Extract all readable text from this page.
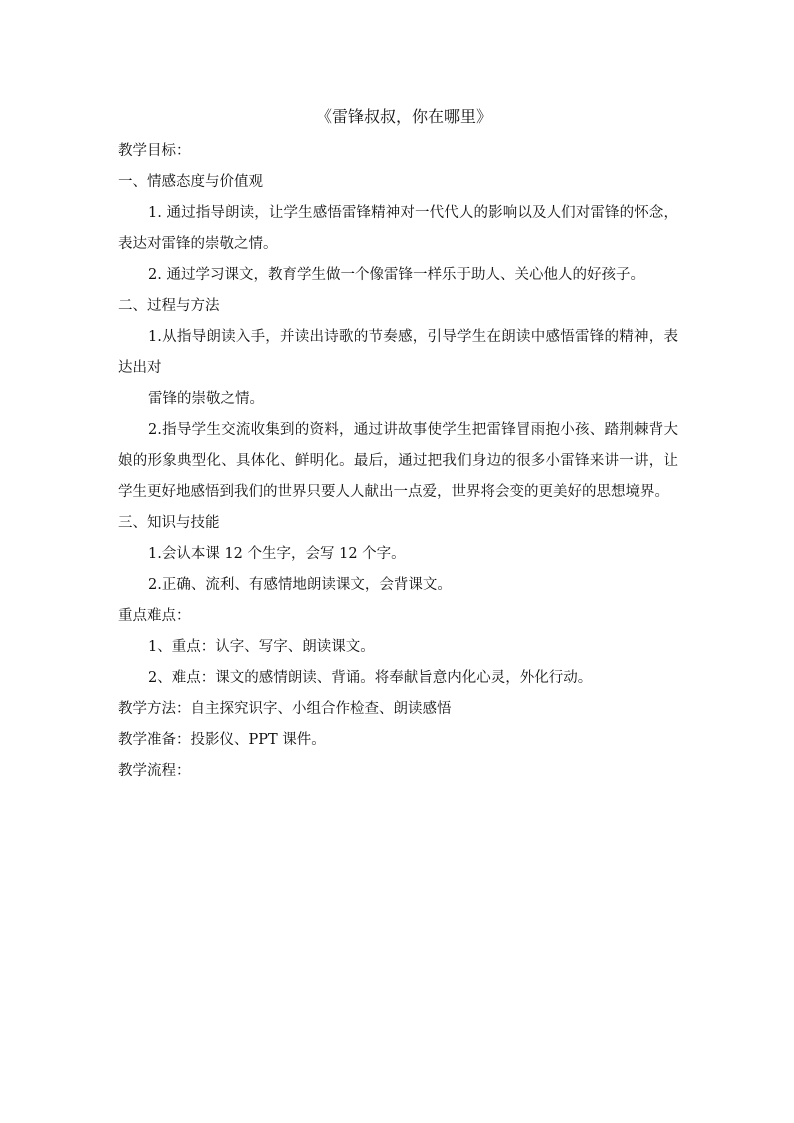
《雷锋叔叔，你在哪里》

教学目标：

一、情感态度与价值观

1. 通过指导朗读，让学生感悟雷锋精神对一代代人的影响以及人们对雷锋的怀念，表达对雷锋的崇敬之情。

2. 通过学习课文，教育学生做一个像雷锋一样乐于助人、关心他人的好孩子。

二、过程与方法

1.从指导朗读入手，并读出诗歌的节奏感，引导学生在朗读中感悟雷锋的精神，表达出对

雷锋的崇敬之情。

2.指导学生交流收集到的资料，通过讲故事使学生把雷锋冒雨抱小孩、踏荆棘背大娘的形象典型化、具体化、鲜明化。最后，通过把我们身边的很多小雷锋来讲一讲，让学生更好地感悟到我们的世界只要人人献出一点爱，世界将会变的更美好的思想境界。

三、知识与技能

1.会认本课 12 个生字，会写 12 个字。

2.正确、流利、有感情地朗读课文，会背课文。

重点难点：

1、重点：认字、写字、朗读课文。

2、难点：课文的感情朗读、背诵。将奉献旨意内化心灵，外化行动。

教学方法：自主探究识字、小组合作检查、朗读感悟

教学准备：投影仪、PPT 课件。

教学流程：
